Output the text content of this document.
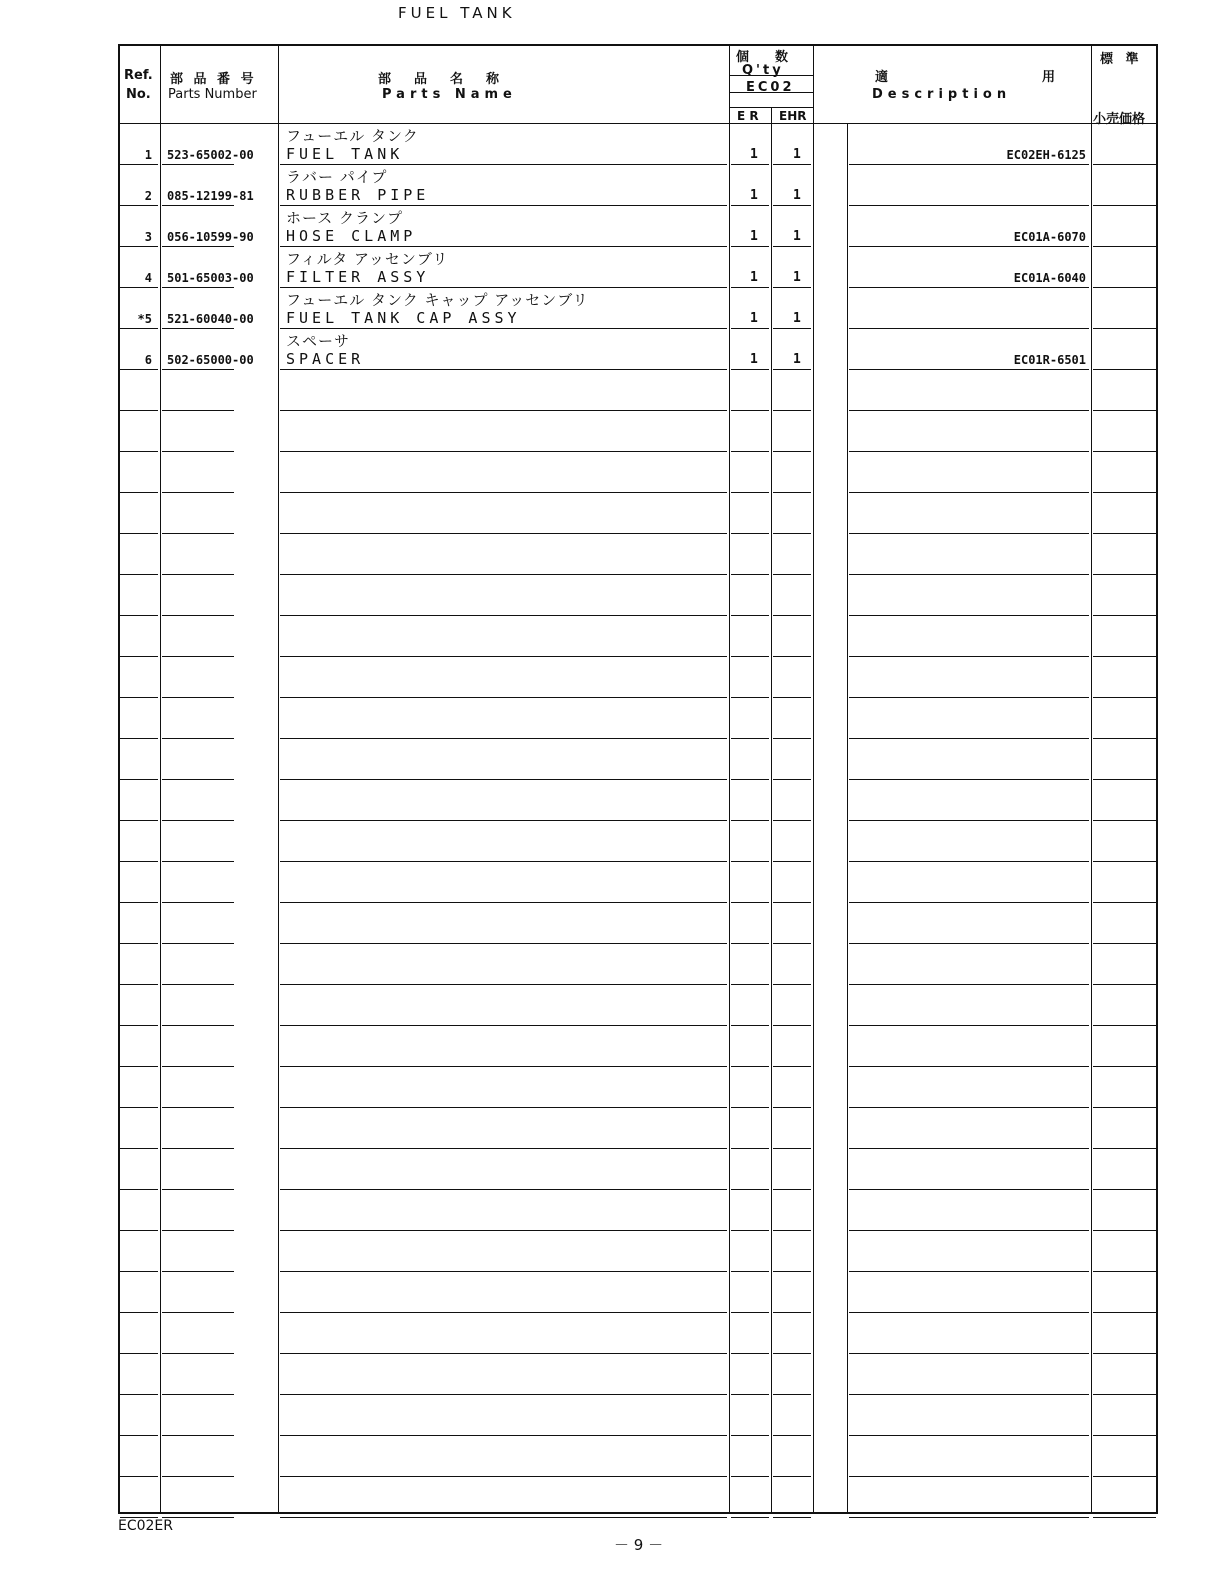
FUEL TANK
Ref.
No.
部 品 番 号
Parts Number
部　品　名　称
Parts Name
個　　数
Q'ty
EC02
E R EHR
適	用
Description
標 準
小売価格
1 523-65002-00
フューエル タンク
FUEL TANK	1	1	EC02EH-6125
2 085-12199-81
ラバー パイプ
RUBBER PIPE	1	1
3 056-10599-90
ホース クランプ
HOSE CLAMP	1	1	EC01A-6070
4 501-65003-00
フィルタ アッセンブリ
FILTER ASSY	1	1	EC01A-6040
*5 521-60040-00
フューエル タンク キャップ アッセンブリ
FUEL TANK CAP ASSY	1	1
6 502-65000-00
スペーサ
SPACER	1	1	EC01R-6501
EC02ER
－ 9 －
